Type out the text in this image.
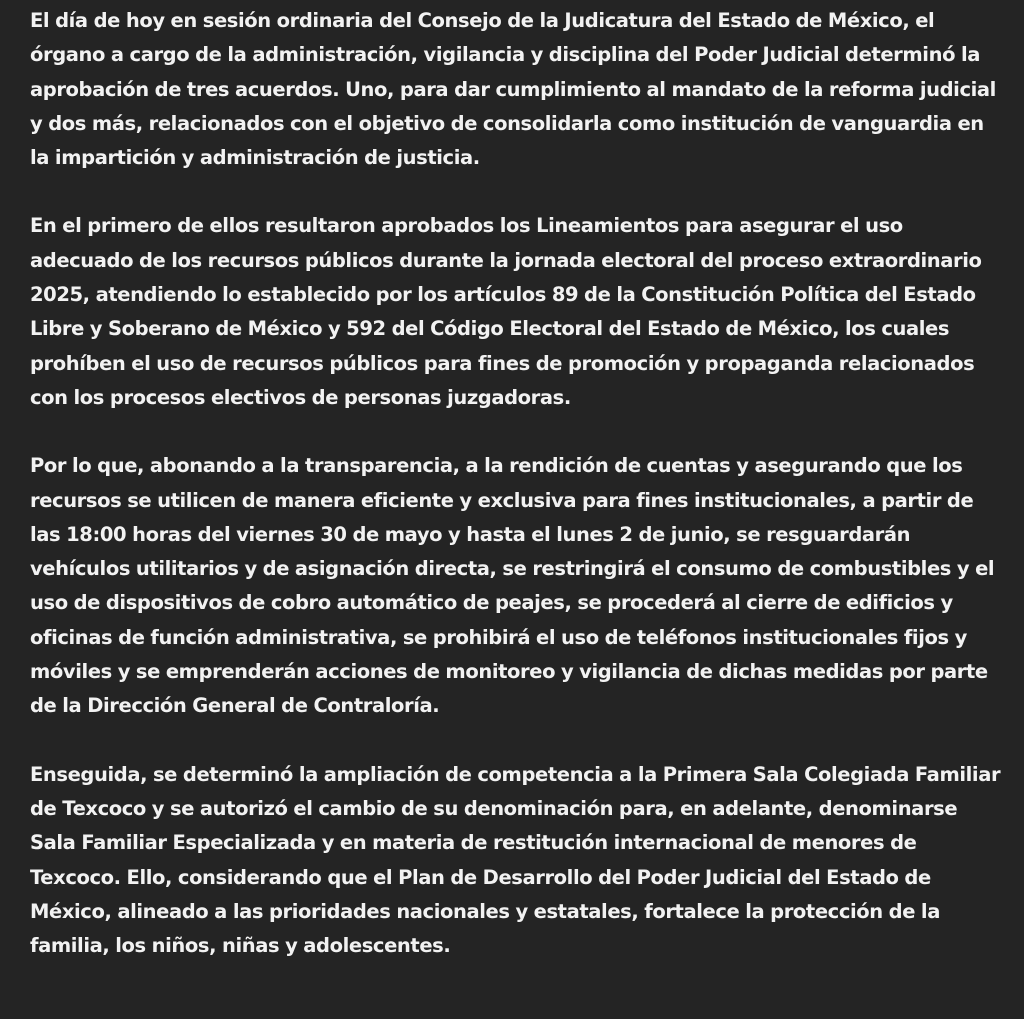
El día de hoy en sesión ordinaria del Consejo de la Judicatura del Estado de México, el órgano a cargo de la administración, vigilancia y disciplina del Poder Judicial determinó la aprobación de tres acuerdos. Uno, para dar cumplimiento al mandato de la reforma judicial y dos más, relacionados con el objetivo de consolidarla como institución de vanguardia en la impartición y administración de justicia.

En el primero de ellos resultaron aprobados los Lineamientos para asegurar el uso adecuado de los recursos públicos durante la jornada electoral del proceso extraordinario 2025, atendiendo lo establecido por los artículos 89 de la Constitución Política del Estado Libre y Soberano de México y 592 del Código Electoral del Estado de México, los cuales prohíben el uso de recursos públicos para fines de promoción y propaganda relacionados con los procesos electivos de personas juzgadoras.

Por lo que, abonando a la transparencia, a la rendición de cuentas y asegurando que los recursos se utilicen de manera eficiente y exclusiva para fines institucionales, a partir de las 18:00 horas del viernes 30 de mayo y hasta el lunes 2 de junio, se resguardarán vehículos utilitarios y de asignación directa, se restringirá el consumo de combustibles y el uso de dispositivos de cobro automático de peajes, se procederá al cierre de edificios y oficinas de función administrativa, se prohibirá el uso de teléfonos institucionales fijos y móviles y se emprenderán acciones de monitoreo y vigilancia de dichas medidas por parte de la Dirección General de Contraloría.

Enseguida, se determinó la ampliación de competencia a la Primera Sala Colegiada Familiar de Texcoco y se autorizó el cambio de su denominación para, en adelante, denominarse Sala Familiar Especializada y en materia de restitución internacional de menores de Texcoco. Ello, considerando que el Plan de Desarrollo del Poder Judicial del Estado de México, alineado a las prioridades nacionales y estatales, fortalece la protección de la familia, los niños, niñas y adolescentes.
